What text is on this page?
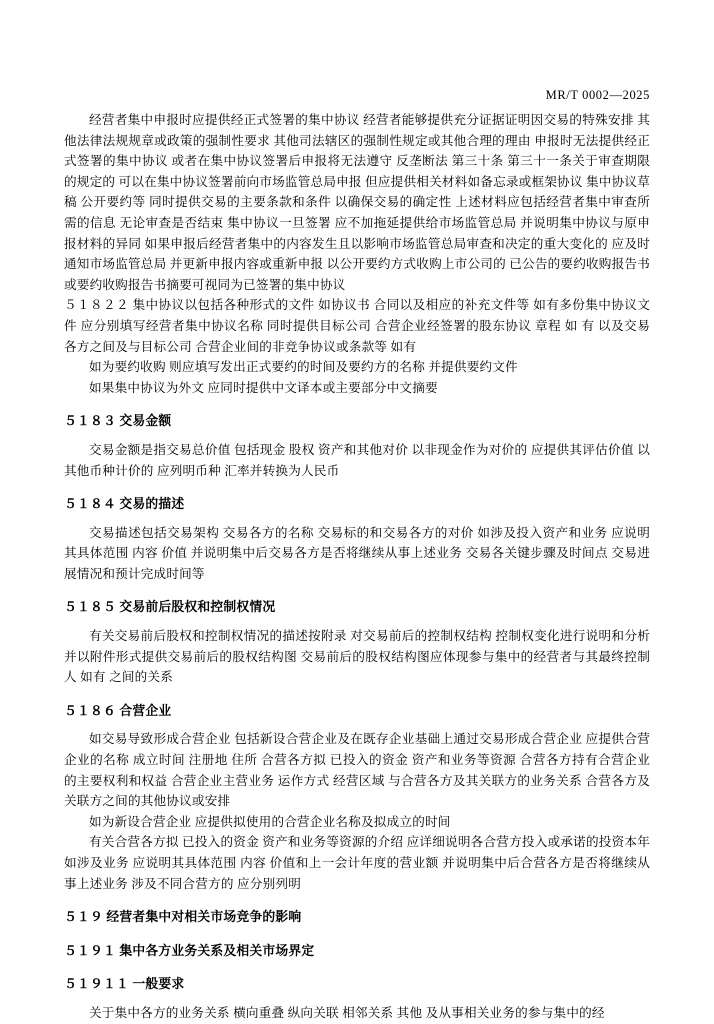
MR/T 0002—2025

经营者集中申报时应提供经正式签署的集中协议 经营者能够提供充分证据证明因交易的特殊安排 其他法律法规规章或政策的强制性要求 其他司法辖区的强制性规定或其他合理的理由 申报时无法提供经正式签署的集中协议 或者在集中协议签署后申报将无法遵守 反垄断法 第三十条 第三十一条关于审查期限的规定的 可以在集中协议签署前向市场监管总局申报 但应提供相关材料如备忘录或框架协议 集中协议草稿 公开要约等 同时提供交易的主要条款和条件 以确保交易的确定性 上述材料应包括经营者集中审查所需的信息 无论审查是否结束 集中协议一旦签署 应不加拖延提供给市场监管总局 并说明集中协议与原申报材料的异同 如果申报后经营者集中的内容发生且以影响市场监管总局审查和决定的重大变化的 应及时通知市场监管总局 并更新申报内容或重新申报 以公开要约方式收购上市公司的 已公告的要约收购报告书或要约收购报告书摘要可视同为已签署的集中协议

５１８２２ 集中协议以包括各种形式的文件 如协议书 合同以及相应的补充文件等 如有多份集中协议文件 应分别填写经营者集中协议名称 同时提供目标公司 合营企业经签署的股东协议 章程 如 有 以及交易各方之间及与目标公司 合营企业间的非竞争协议或条款等 如有

如为要约收购 则应填写发出正式要约的时间及要约方的名称 并提供要约文件

如果集中协议为外文 应同时提供中文译本或主要部分中文摘要

５１８３ 交易金额

交易金额是指交易总价值 包括现金 股权 资产和其他对价 以非现金作为对价的 应提供其评估价值 以其他币种计价的 应列明币种 汇率并转换为人民币

５１８４ 交易的描述

交易描述包括交易架构 交易各方的名称 交易标的和交易各方的对价 如涉及投入资产和业务 应说明其具体范围 内容 价值 并说明集中后交易各方是否将继续从事上述业务 交易各关键步骤及时间点 交易进展情况和预计完成时间等

５１８５ 交易前后股权和控制权情况

有关交易前后股权和控制权情况的描述按附录 对交易前后的控制权结构 控制权变化进行说明和分析 并以附件形式提供交易前后的股权结构图 交易前后的股权结构图应体现参与集中的经营者与其最终控制人 如有 之间的关系

５１８６ 合营企业

如交易导致形成合营企业 包括新设合营企业及在既存企业基础上通过交易形成合营企业 应提供合营企业的名称 成立时间 注册地 住所 合营各方拟 已投入的资金 资产和业务等资源 合营各方持有合营企业的主要权利和权益 合营企业主营业务 运作方式 经营区域 与合营各方及其关联方的业务关系 合营各方及关联方之间的其他协议或安排

如为新设合营企业 应提供拟使用的合营企业名称及拟成立的时间

有关合营各方拟 已投入的资金 资产和业务等资源的介绍 应详细说明各合营方投入或承诺的投资本年 如涉及业务 应说明其具体范围 内容 价值和上一会计年度的营业额 并说明集中后合营各方是否将继续从事上述业务 涉及不同合营方的 应分别列明

５１９ 经营者集中对相关市场竞争的影响
５１９１ 集中各方业务关系及相关市场界定
５１９１１ 一般要求

关于集中各方的业务关系 横向重叠 纵向关联 相邻关系 其他 及从事相关业务的参与集中的经
